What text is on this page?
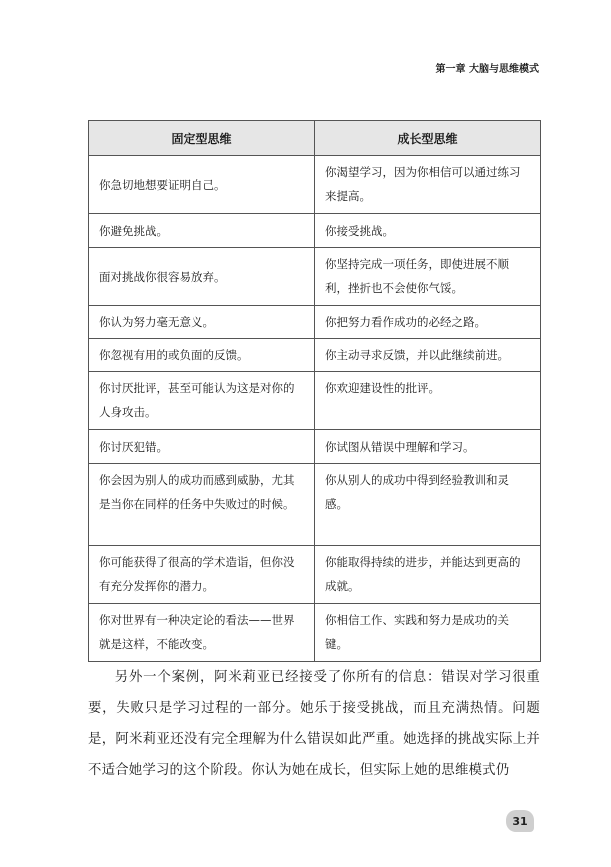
第一章 大脑与思维模式
固定型思维	成长型思维
你急切地想要证明自己。	你渴望学习，因为你相信可以通过练习来提高。
你避免挑战。	你接受挑战。
面对挑战你很容易放弃。	你坚持完成一项任务，即使进展不顺利，挫折也不会使你气馁。
你认为努力毫无意义。	你把努力看作成功的必经之路。
你忽视有用的或负面的反馈。	你主动寻求反馈，并以此继续前进。
你讨厌批评，甚至可能认为这是对你的人身攻击。	你欢迎建设性的批评。
你讨厌犯错。	你试图从错误中理解和学习。
你会因为别人的成功而感到威胁，尤其是当你在同样的任务中失败过的时候。	你从别人的成功中得到经验教训和灵感。
你可能获得了很高的学术造诣，但你没有充分发挥你的潜力。	你能取得持续的进步，并能达到更高的成就。
你对世界有一种决定论的看法——世界就是这样，不能改变。	你相信工作、实践和努力是成功的关键。

另外一个案例，阿米莉亚已经接受了你所有的信息：错误对学习很重要，失败只是学习过程的一部分。她乐于接受挑战，而且充满热情。问题是，阿米莉亚还没有完全理解为什么错误如此严重。她选择的挑战实际上并不适合她学习的这个阶段。你认为她在成长，但实际上她的思维模式仍

31
